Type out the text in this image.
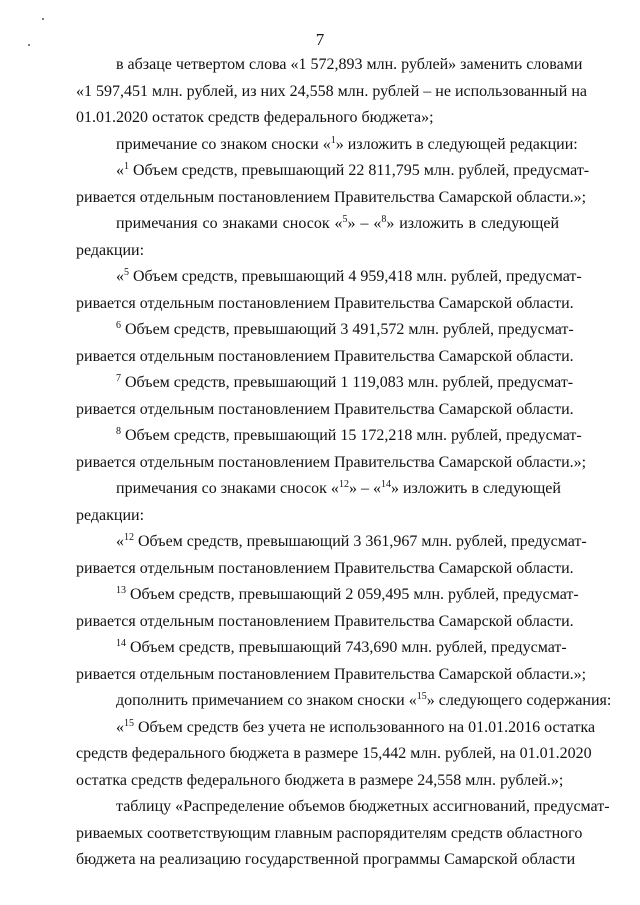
7
в абзаце четвертом слова «1 572,893 млн. рублей» заменить словами
«1 597,451 млн. рублей, из них 24,558 млн. рублей – не использованный на
01.01.2020 остаток средств федерального бюджета»;
примечание со знаком сноски «$^1$» изложить в следующей редакции:
«$^1$ Объем средств, превышающий 22 811,795 млн. рублей, предусмат-
ривается отдельным постановлением Правительства Самарской области.»;
примечания со знаками сносок «$^5$» – «$^8$» изложить в следующей
редакции:
«$^5$ Объем средств, превышающий 4 959,418 млн. рублей, предусмат-
ривается отдельным постановлением Правительства Самарской области.
$^6$ Объем средств, превышающий 3 491,572 млн. рублей, предусмат-
ривается отдельным постановлением Правительства Самарской области.
$^7$ Объем средств, превышающий 1 119,083 млн. рублей, предусмат-
ривается отдельным постановлением Правительства Самарской области.
$^8$ Объем средств, превышающий 15 172,218 млн. рублей, предусмат-
ривается отдельным постановлением Правительства Самарской области.»;
примечания со знаками сносок «$^{12}$» – «$^{14}$» изложить в следующей
редакции:
«$^{12}$ Объем средств, превышающий 3 361,967 млн. рублей, предусмат-
ривается отдельным постановлением Правительства Самарской области.
$^{13}$ Объем средств, превышающий 2 059,495 млн. рублей, предусмат-
ривается отдельным постановлением Правительства Самарской области.
$^{14}$ Объем средств, превышающий 743,690 млн. рублей, предусмат-
ривается отдельным постановлением Правительства Самарской области.»;
дополнить примечанием со знаком сноски «$^{15}$» следующего содержания:
«$^{15}$ Объем средств без учета не использованного на 01.01.2016 остатка
средств федерального бюджета в размере 15,442 млн. рублей, на 01.01.2020
остатка средств федерального бюджета в размере 24,558 млн. рублей.»;
таблицу «Распределение объемов бюджетных ассигнований, предусмат-
риваемых соответствующим главным распорядителям средств областного
бюджета на реализацию государственной программы Самарской области
